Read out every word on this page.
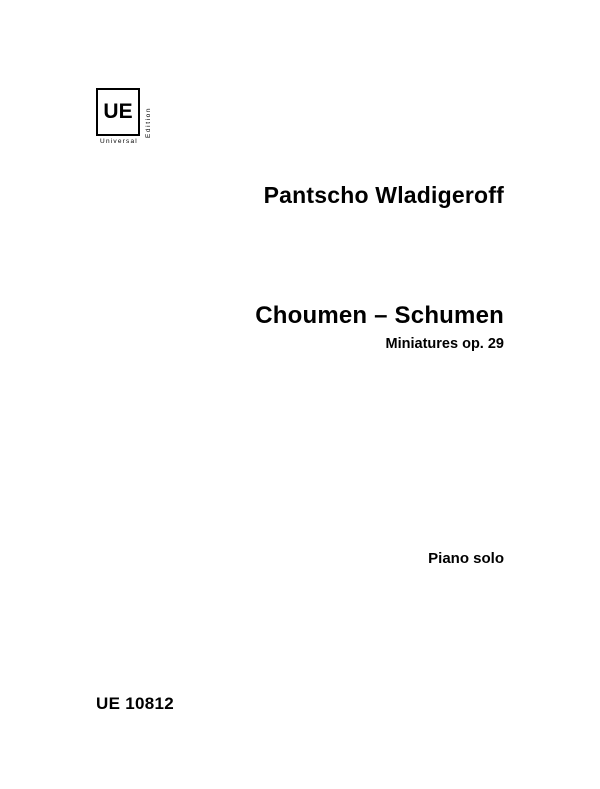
UE	Edition
Universal
Pantscho Wladigeroff
Choumen – Schumen
Miniatures op. 29
Piano solo
UE 10812
